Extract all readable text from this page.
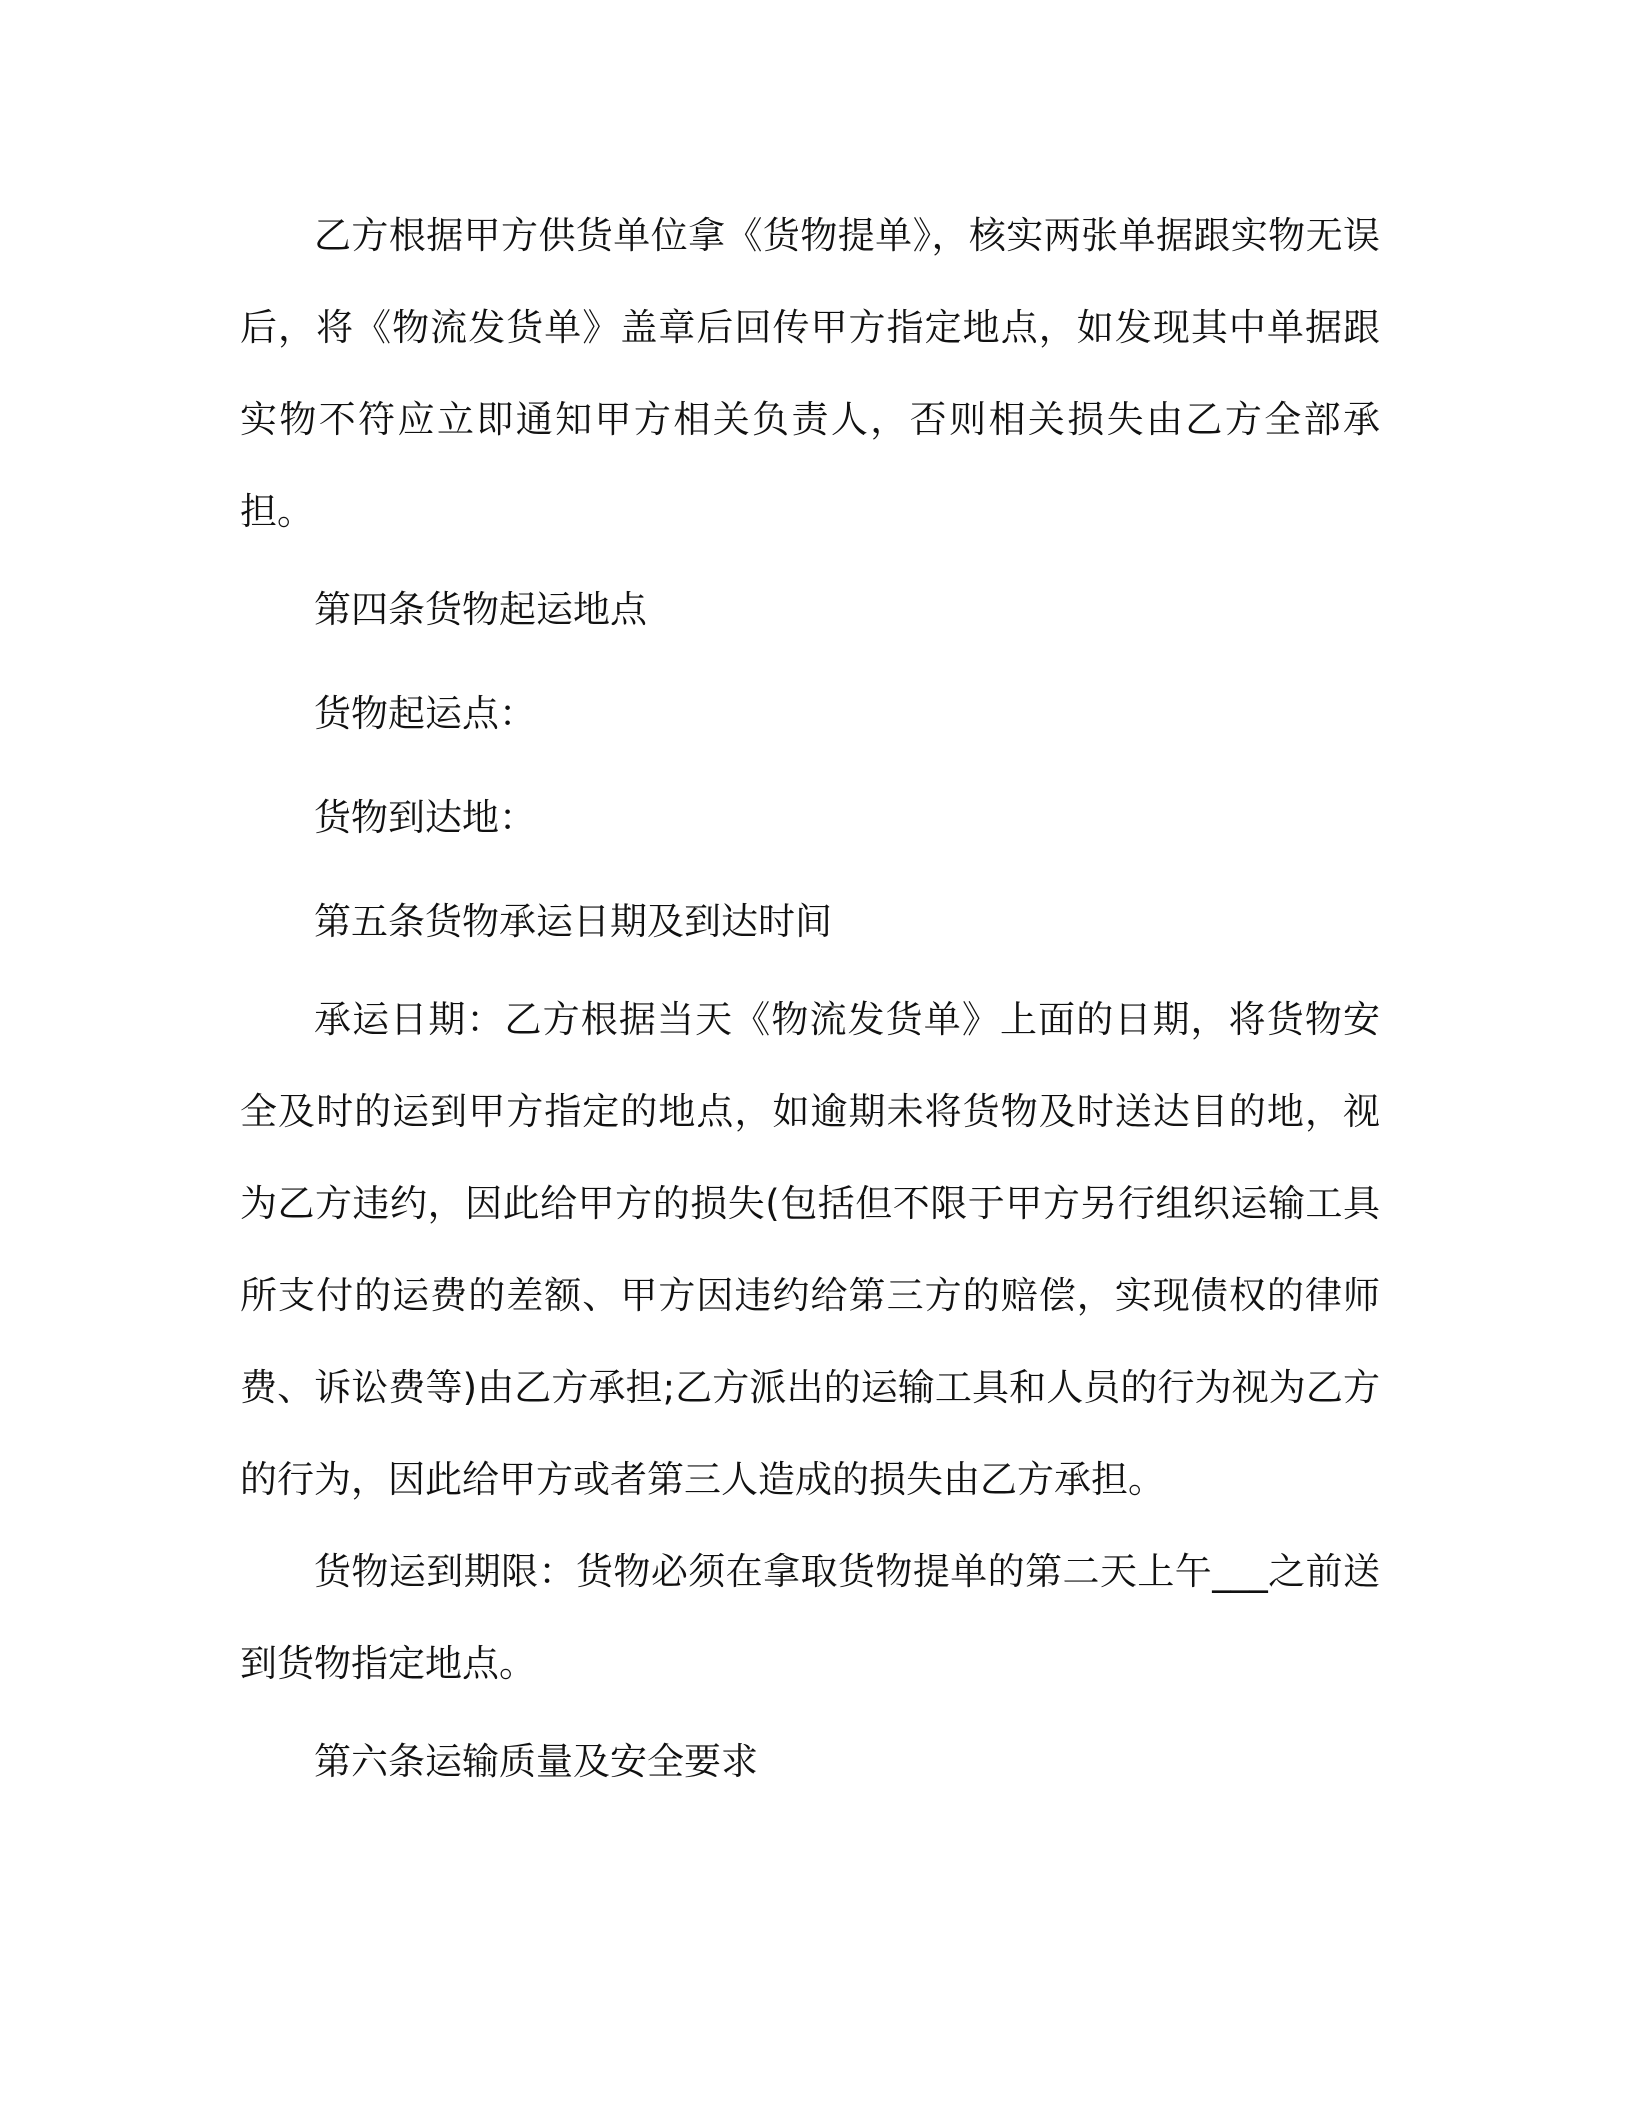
乙方根据甲方供货单位拿《货物提单》，核实两张单据跟实物无误后，将《物流发货单》盖章后回传甲方指定地点，如发现其中单据跟实物不符应立即通知甲方相关负责人，否则相关损失由乙方全部承担。

第四条货物起运地点

货物起运点：

货物到达地：

第五条货物承运日期及到达时间

承运日期：乙方根据当天《物流发货单》上面的日期，将货物安全及时的运到甲方指定的地点，如逾期未将货物及时送达目的地，视为乙方违约，因此给甲方的损失(包括但不限于甲方另行组织运输工具所支付的运费的差额、甲方因违约给第三方的赔偿，实现债权的律师费、诉讼费等)由乙方承担;乙方派出的运输工具和人员的行为视为乙方的行为，因此给甲方或者第三人造成的损失由乙方承担。

货物运到期限：货物必须在拿取货物提单的第二天上午___之前送到货物指定地点。

第六条运输质量及安全要求
